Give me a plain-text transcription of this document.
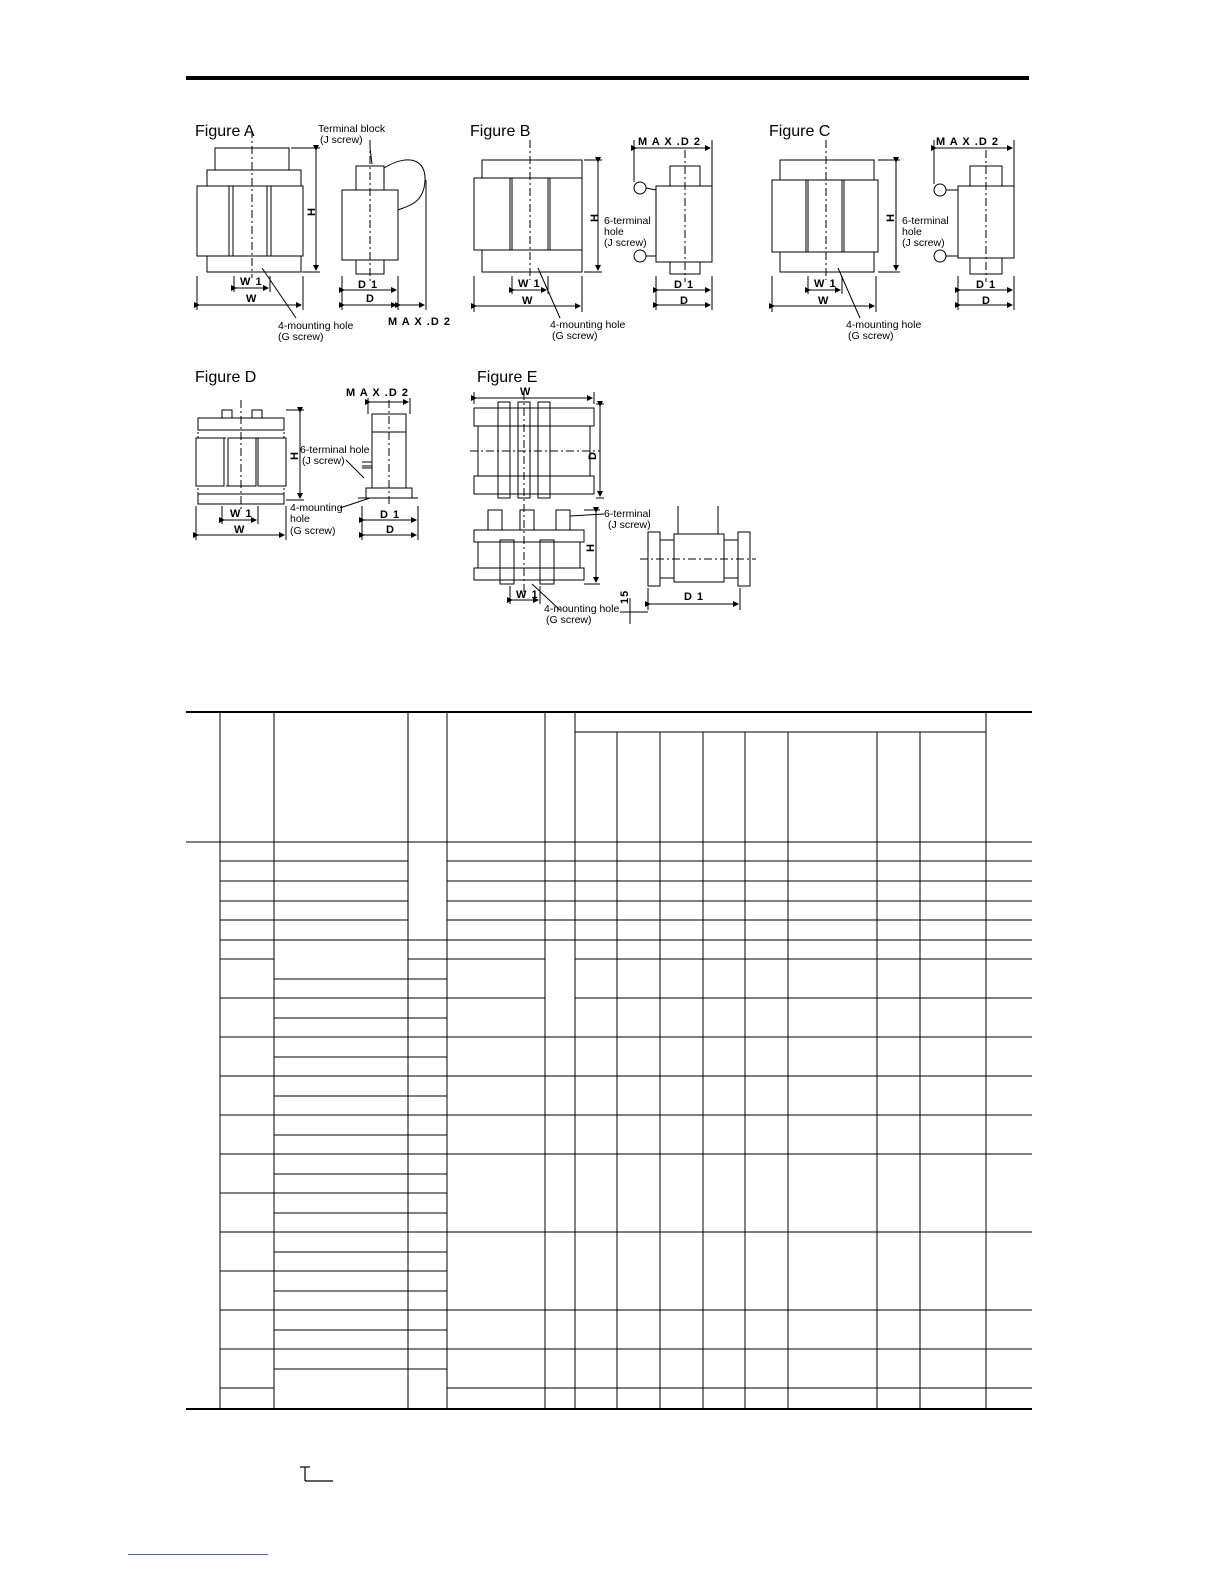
Figure A	Terminal block
(J screw)
4-mounting hole
(G screw)
W
W 1
H
D
D 1
M A X .D 2
Figure B
6-terminal
hole
(J screw)
4-mounting hole
(G screw)
W
W 1
H
D
D 1
M A X .D 2
Figure C
6-terminal
hole
(J screw)
4-mounting hole
(G screw)
W
W 1
H
D
D 1
M A X .D 2
Figure D
6-terminal hole
(J screw)
4-mounting
hole
(G screw)
W
W 1
H
D
D 1
M A X .D 2
Figure E
6-terminal
(J screw)
4-mounting hole
(G screw)
W
W 1
H
D
D 1
15
